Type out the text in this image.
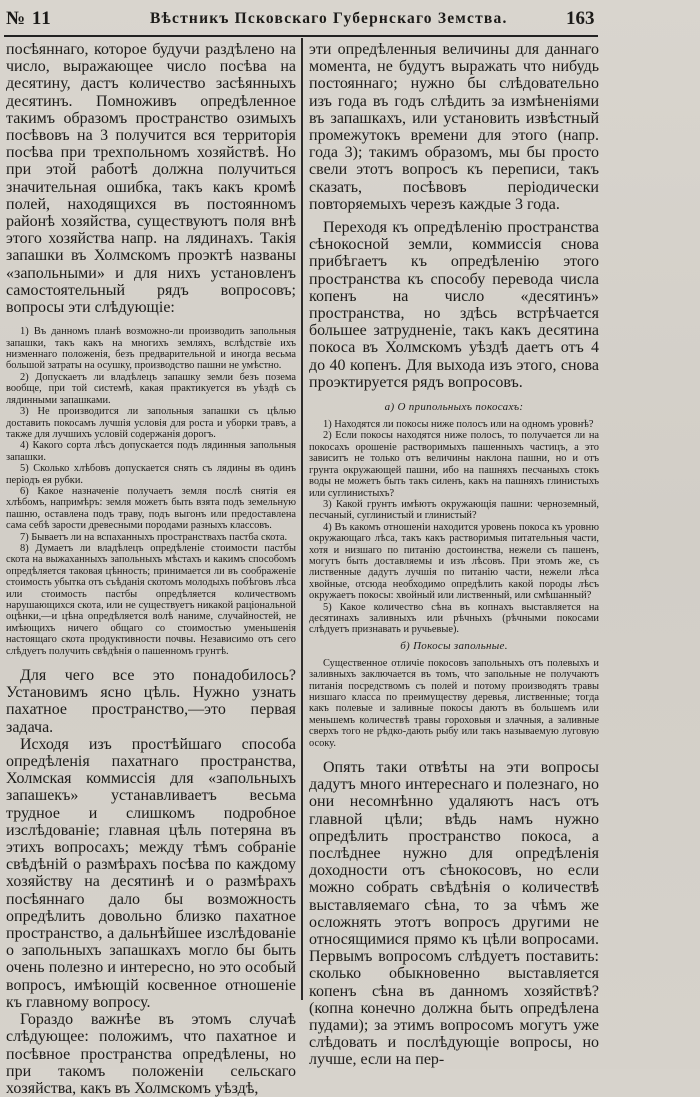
№ 11	Вѣстникъ Псковскаго Губернскаго Земства.	163

посѣяннаго, которое будучи раздѣлено на число, выражающее число посѣва на десятину, дастъ количество засѣянныхъ десятинъ. Помноживъ опредѣленное такимъ образомъ пространство озимыхъ посѣвовъ на 3 получится вся территорія посѣва при трехпольномъ хозяйствѣ. Но при этой работѣ должна получиться значительная ошибка, такъ какъ кромѣ полей, находящихся въ постоянномъ районѣ хозяйства, существуютъ поля внѣ этого хозяйства напр. на лядинахъ. Такія запашки въ Холмскомъ проэктѣ названы «запольными» и для нихъ установленъ самостоятельный рядъ вопросовъ; вопросы эти слѣдующіе:

1) Въ данномъ планѣ возможно-ли производить запольныя запашки, такъ какъ на многихъ земляхъ, вслѣдствіе ихъ низменнаго положенія, безъ предварительной и иногда весьма большой затраты на осушку, производство пашни не умѣстно.

2) Допускаетъ ли владѣлецъ запашку земли безъ позема вообще, при той системѣ, какая практикуется въ уѣздѣ съ лядинными запашками.

3) Не производится ли запольныя запашки съ цѣлью доставить покосамъ лучшія условія для роста и уборки травъ, а также для лучшихъ условій содержанія дорогъ.

4) Какого сорта лѣсъ допускается подъ лядинныя запольныя запашки.

5) Сколько хлѣбовъ допускается снять съ лядины въ одинъ періодъ ея рубки.

6) Какое назначеніе получаетъ земля послѣ снятія ея хлѣбомъ, напримѣръ: земля можетъ быть взята подъ земельную пашню, оставлена подъ траву, подъ выгонъ или предоставлена сама себѣ зарости древесными породами разныхъ классовъ.

7) Бываетъ ли на вспаханныхъ пространствахъ пастба скота.

8) Думаетъ ли владѣлецъ опредѣленіе стоимости пастбы скота на выжаханныхъ запольныхъ мѣстахъ и какимъ способомъ опредѣляется таковая цѣнность; принимается ли въ соображеніе стоимость убытка отъ съѣданія скотомъ молодыхъ побѣговъ лѣса или стоимость пастбы опредѣляется количествомъ нарушающихся скота, или не существуетъ никакой раціональной оцѣнки,—и цѣна опредѣляется волѣ наниме, случайностей, не имѣющихъ ничего общаго со стоимостью уменьшенія настоящаго скота продуктивности почвы. Независимо отъ сего слѣдуетъ получить свѣдѣнія о пашенномъ грунтѣ.

Для чего все это понадобилось? Установимъ ясно цѣль. Нужно узнать пахатное пространство,—это первая задача.

Исходя изъ простѣйшаго способа опредѣленія пахатнаго пространства, Холмская коммиссія для «запольныхъ запашекъ» устанавливаетъ весьма трудное и слишкомъ подробное изслѣдованіе; главная цѣль потеряна въ этихъ вопросахъ; между тѣмъ собраніе свѣдѣній о размѣрахъ посѣва по каждому хозяйству на десятинѣ и о размѣрахъ посѣяннаго дало бы возможность опредѣлить довольно близко пахатное пространство, а дальнѣйшее изслѣдованіе о запольныхъ запашкахъ могло бы быть очень полезно и интересно, но это особый вопросъ, имѣющій косвенное отношеніе къ главному вопросу.

Гораздо важнѣе въ этомъ случаѣ слѣдующее: положимъ, что пахатное и посѣвное пространства опредѣлены, но при такомъ положеніи сельскаго хозяйства, какъ въ Холмскомъ уѣздѣ,

эти опредѣленныя величины для даннаго момента, не будутъ выражать что нибудь постояннаго; нужно бы слѣдовательно изъ года въ годъ слѣдить за измѣненіями въ запашкахъ, или установить извѣстный промежутокъ времени для этого (напр. года 3); такимъ образомъ, мы бы просто свели этотъ вопросъ къ переписи, такъ сказать, посѣвовъ періодически повторяемыхъ черезъ каждые 3 года.

Переходя къ опредѣленію пространства сѣнокосной земли, коммиссія снова прибѣгаетъ къ опредѣленію этого пространства къ способу перевода числа копенъ на число «десятинъ» пространства, но здѣсь встрѣчается большее затрудненіе, такъ какъ десятина покоса въ Холмскомъ уѣздѣ даетъ отъ 4 до 40 копенъ. Для выхода изъ этого, снова проэктируется рядъ вопросовъ.

а) О припольныхъ покосахъ:

1) Находятся ли покосы ниже полосъ или на одномъ уровнѣ?

2) Если покосы находятся ниже полосъ, то получается ли на покосахъ орошеніе растворимыхъ пашенныхъ частицъ, а это зависитъ не только отъ величины наклона пашни, но и отъ грунта окружающей пашни, ибо на пашняхъ песчаныхъ стокъ воды не можетъ быть такъ силенъ, какъ на пашняхъ глинистыхъ или суглинистыхъ?

3) Какой грунтъ имѣютъ окружающія пашни: черноземный, песчаный, суглинистый и глинистый?

4) Въ какомъ отношеніи находится уровень покоса къ уровню окружающаго лѣса, такъ какъ растворимыя питательныя части, хотя и низшаго по питанію достоинства, нежели съ пашенъ, могутъ быть доставляемы и изъ лѣсовъ. При этомъ же, съ лиственные дадутъ лучшія по питанію части, нежели лѣса хвойные, отсюда необходимо опредѣлить какой породы лѣсъ окружаетъ покосы: хвойный или лиственный, или смѣшанный?

5) Какое количество сѣна въ копнахъ выставляется на десятинахъ заливныхъ или рѣчныхъ (рѣчными покосами слѣдуетъ признавать и ручьевые).

б) Покосы запольные.

Существенное отличіе покосовъ запольныхъ отъ полевыхъ и заливныхъ заключается въ томъ, что запольные не получаютъ питанія посредствомъ съ полей и потому производятъ травы низшаго класса по преимуществу деревья, лиственные; тогда какъ полевые и заливные покосы даютъ въ большемъ или меньшемъ количествѣ травы гороховыя и злачныя, а заливные сверхъ того не рѣдко-дають рыбу или такъ называемую луговую осоку.

Опять таки отвѣты на эти вопросы дадутъ много интереснаго и полезнаго, но они несомнѣнно удаляютъ насъ отъ главной цѣли; вѣдь намъ нужно опредѣлить пространство покоса, а послѣднее нужно для опредѣленія доходности отъ сѣнокосовъ, но если можно собрать свѣдѣнія о количествѣ выставляемаго сѣна, то за чѣмъ же осложнять этотъ вопросъ другими не относящимися прямо къ цѣли вопросами. Первымъ вопросомъ слѣдуетъ поставить: сколько обыкновенно выставляется копенъ сѣна въ данномъ хозяйствѣ? (копна конечно должна быть опредѣлена пудами); за этимъ вопросомъ могутъ уже слѣдовать и послѣдующіе вопросы, но лучше, если на пер-
